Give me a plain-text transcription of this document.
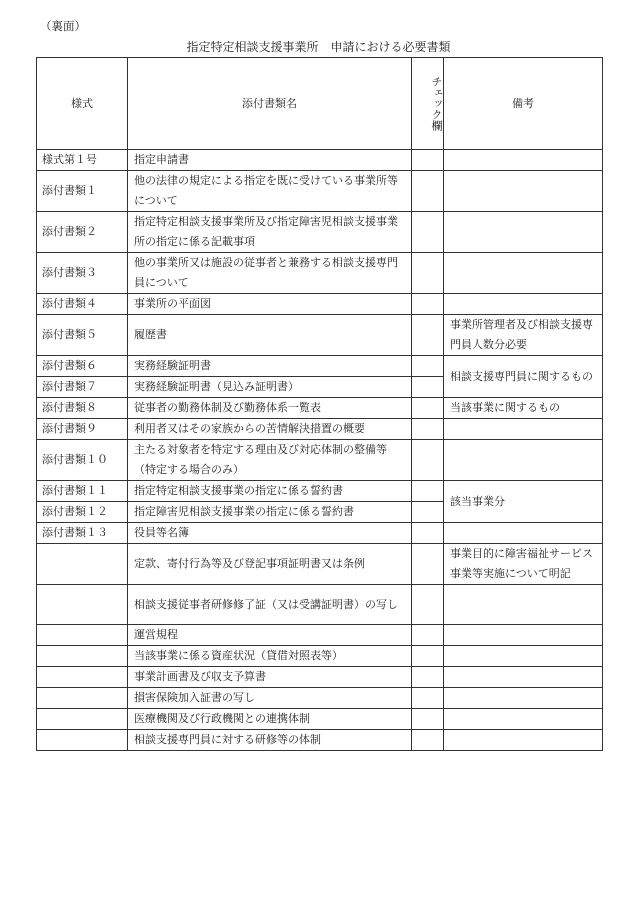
（裏面）
指定特定相談支援事業所　申請における必要書類
様式	添付書類名	チェック欄	備考
様式第１号	指定申請書		
添付書類１	他の法律の規定による指定を既に受けている事業所等について		
添付書類２	指定特定相談支援事業所及び指定障害児相談支援事業所の指定に係る記載事項		
添付書類３	他の事業所又は施設の従事者と兼務する相談支援専門員について		
添付書類４	事業所の平面図		
添付書類５	履歴書		事業所管理者及び相談支援専門員人数分必要
添付書類６	実務経験証明書		相談支援専門員に関するもの
添付書類７	実務経験証明書（見込み証明書）		
添付書類８	従事者の勤務体制及び勤務体系一覧表		当該事業に関するもの
添付書類９	利用者又はその家族からの苦情解決措置の概要		
添付書類１０	主たる対象者を特定する理由及び対応体制の整備等（特定する場合のみ）		
添付書類１１	指定特定相談支援事業の指定に係る誓約書		該当事業分
添付書類１２	指定障害児相談支援事業の指定に係る誓約書		
添付書類１３	役員等名簿		
	定款、寄付行為等及び登記事項証明書又は条例		事業目的に障害福祉サービス事業等実施について明記
	相談支援従事者研修修了証（又は受講証明書）の写し		
	運営規程		
	当該事業に係る資産状況（貸借対照表等）		
	事業計画書及び収支予算書		
	損害保険加入証書の写し		
	医療機関及び行政機関との連携体制		
	相談支援専門員に対する研修等の体制		
